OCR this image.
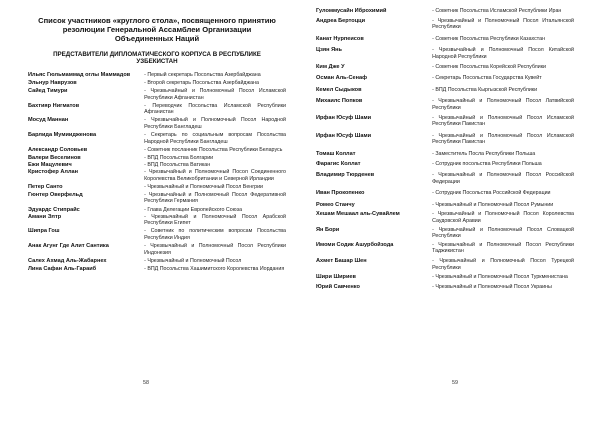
Список участников «круглого стола», посвященного принятию резолюции Генеральной Ассамблеи Организации Объединенных Наций
ПРЕДСТАВИТЕЛИ ДИПЛОМАТИЧЕСКОГО КОРПУСА В РЕСПУБЛИКЕ УЗБЕКИСТАН
Ильяс Гюльмаммад оглы Маммадов	- Первый секретарь Посольства Азербайджана
Эльнур Наврузов	- Второй секретарь Посольства Азербайджана
Сайед Тимури	- Чрезвычайный и Полномочный Посол Исламской Республики Афганистан
Бахтияр Нигматов	- Переводчик Посольства Исламской Республики Афганистан
Мосуд Маннан	- Чрезвычайный и Полномочный Посол Народной Республики Бангладеш
Барлида Мумиидженова	- Секретарь по социальным вопросам Посольства Народной Республики Бангладеш
Александр Соловьев	- Советник посланник Посольства Республики Беларусь
Валери Веселинов	- ВПД Посольства Болгарии
Ежи Мацулевич	- ВПД Посольства Ватикан
Кристофер Аллан	- Чрезвычайный и Полномочный Посол Соединенного Королевства Великобритании и Северной Ирландии
Петер Санто	- Чрезвычайный и Полномочный Посол Венгрии
Гюнтер Оверфельд	- Чрезвычайный и Полномочный Посол Федеративной Республики Германия
Эдуардс Стипрайс	- Глава Делегации Европейского Союза
Амани Элтр	- Чрезвычайный и Полномочный Посол Арабской Республики Египет
Шипра Гош	- Советник по политическим вопросам Посольства Республики Индия
Анак Агунг Где Алит Сантика	- Чрезвычайный и Полномочный Посол Республики Индонезия
Салех Ахмад Аль-Жабарнех	- Чрезвычайный и Полномочный Посол
Лина Сафан Аль-Гараиб	- ВПД Посольства Хашимитского Королевства Иордания
58
Гуломмусайн Иброхимий	- Советник Посольства Исламской Республики Иран
Андреа Бертоцци	- Чрезвычайный и Полномочный Посол Итальянской Республики
Канат Нурпеисов	- Советник Посольства Республики Казахстан
Цзян Янь	- Чрезвычайный и Полномочный Посол Китайской Народной Республики
Ким Дже У	- Советник Посольства Корейской Республики
Осман Аль-Сенаф	- Секретарь Посольства Государства Кувейт
Кемел Сыдыков	- ВПД Посольства Кыргызской Республики
Михаилс Попков	- Чрезвычайный и Полномочный Посол Латвийской Республики
Ирфан Юсуф Шами	- Чрезвычайный и Полномочный Посол Исламской Республики Пакистан
Ирфан Юсуф Шами	- Чрезвычайный и Полномочный Посол Исламской Республики Пакистан
Томаш Коллат	- Заместитель Посла Республики Польша
Фарагис Коллат	- Сотрудник посольства Республики Польша
Владимир Тюрденев	- Чрезвычайный и Полномочный Посол Российской Федерации
Иван Прокопенко	- Сотрудник Посольства Российской Федерации
Ромео Станчу	- Чрезвычайный и Полномочный Посол Румынии
Хешам Мешаал аль-Сувайлем	- Чрезвычайный и Полномочный Посол Королевства Саудовской Аравии
Ян Бори	- Чрезвычайный и Полномочный Посол Словацкой Республики
Имоми Содик Ашурбойзода	- Чрезвычайный и Полномочный Посол Республики Таджикистан
Ахмет Башар Шен	- Чрезвычайный и Полномочный Посол Турецкой Республики
Шири Шириев	- Чрезвычайный и Полномочный Посол Туркменистана
Юрий Савченко	- Чрезвычайный и Полномочный Посол Украины
59
